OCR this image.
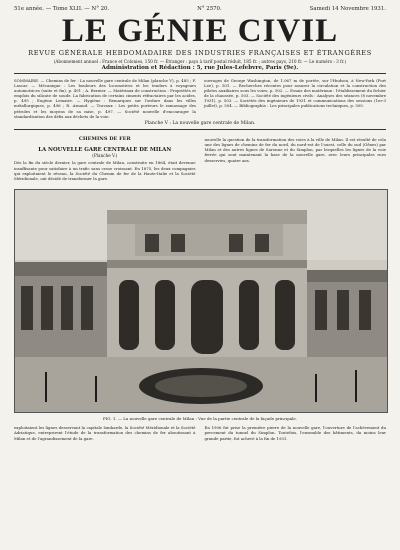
51e année. — Tome XLII. — N° 20.	N° 2570.	Samedi 14 Novembre 1931.
LE GÉNIE CIVIL
REVUE GÉNÉRALE HEBDOMADAIRE DES INDUSTRIES FRANÇAISES ET ÉTRANGÈRES
(Abonnement annuel : France et Colonies, 150 fr. — Étranger : pays à tarif postal réduit, 185 fr. ; autres pays, 210 fr. — Le numéro : 3 fr.)
Administration et Rédaction : 5, rue Jules-Lefebvre, Paris (9e).

SOMMAIRE. — Chemins de fer : La nouvelle gare centrale de Milan (planche V), p. 485 ; F. Lascar. — Mécanique : Les bouleurs des locomotives et les tenders à voyageurs automotrices (suite et fin), p. 491 ; A. Bernier. — Matériaux de construction : Propriétés et emplois du silicate de soude. La fabrication de certains ciments réfractaires par les acides, p. 495 ; Eugène Lemaire. — Hygiène : Remarques sur l'ordure dans les villes métallurgiques, p. 496 ; R. Arnaud. — Travaux : Les petits porteurs le ramassage des pétroles et les moyens de sa mise, p. 497. — Société nouvelle d'encourager la standardisation des défis aux déchets de la voie.

ouvrages de George Washington, de 1.067 m de portée, sur l'Hudson, à New-York (Port Lee), p. 501. — Recherches récentes pour assurer la circulation et la construction des pilotes auxiliaires sous les voies, p. 502. — Essais des matériaux : l'établissement du fichier de la chaussée, p. 503. — Société des ingénieurs civils : Analyses des séances (8 novembre 1931), p. 503. — Sociétés des ingénieurs de 1931 et communications des sessions (1er-3 juillet), p. 504. — Bibliographie : Les principales publications techniques, p. 505.

Planche V : La nouvelle gare centrale de Milan.
CHEMINS DE FER
LA NOUVELLE GARE CENTRALE DE MILAN
(Planche V.)

Dès la fin du siècle dernier, la gare centrale de Milan, construite en 1864, était devenue insuffisante pour satisfaire à un trafic sans cesse croissant. En 1875, les deux compagnies qui exploitaient le réseau, la Société du Chemin de fer de la Haute-Italie et la Société Méridionale, ont décidé de transformer la gare.

nouvelle la question de la transformation des voies à la ville de Milan. Il est résulté de cela une des lignes de chemins de fer du nord, du nord-est de l'ouest, celle du sud (Gênes) par Milan et des autres lignes de Saronno et du Simplon, par lesquelles les lignes de la voie ferrée qui sont maintenant la base de la nouvelle gare, avec leurs principales rues desservies, quatre ans.

FIG. 1. — La nouvelle gare centrale de Milan : Vue de la partie centrale de la façade principale.

exploitaient les lignes desservant la capitale lombarde, la Société Méridionale et la Société Adriatique, entreprirent l'étude de la transformation des chemins de fer aboutissant à Milan et de l'agrandissement de la gare.

En 1906 fut prise la première pierre de la nouvelle gare, l'ouverture de l'achèvement du percement du tunnel du Simplon. Toutefois, l'ensemble des bâtiments, du moins leur grande partie, fut achevé à la fin de 1931.
